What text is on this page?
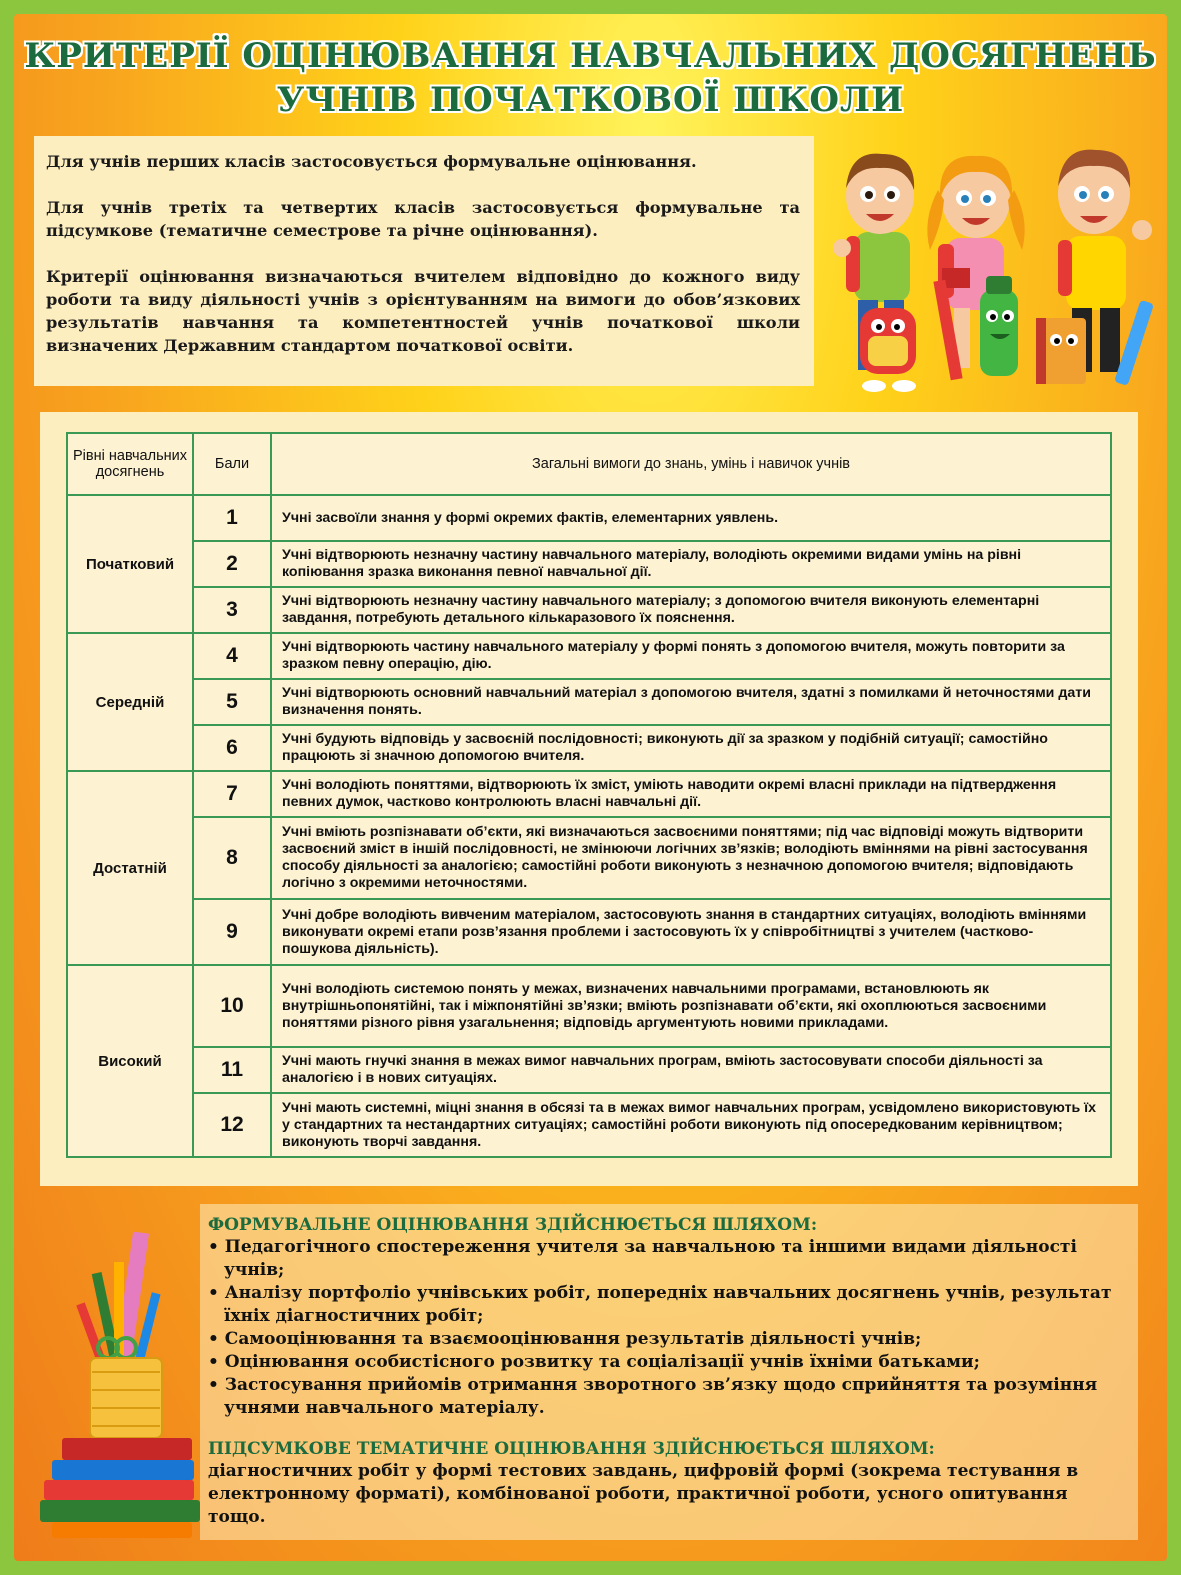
КРИТЕРІЇ ОЦІНЮВАННЯ НАВЧАЛЬНИХ ДОСЯГНЕНЬ
УЧНІВ ПОЧАТКОВОЇ ШКОЛИ

Для учнів перших класів застосовується формувальне оцінювання.

Для учнів третіх та четвертих класів застосовується формувальне та підсумкове (тематичне семестрове та річне оцінювання).

Критерії оцінювання визначаються вчителем відповідно до кожного виду роботи та виду діяльності учнів з орієнтуванням на вимоги до обов’язкових результатів навчання та компетентностей учнів початкової школи визначених Державним стандартом початкової освіти.

Рівні навчальних досягнень	Бали	Загальні вимоги до знань, умінь і навичок учнів
Початковий	1	Учні засвоїли знання у формі окремих фактів, елементарних уявлень.
	2	Учні відтворюють незначну частину навчального матеріалу, володіють окремими видами умінь на рівні копіювання зразка виконання певної навчальної дії.
	3	Учні відтворюють незначну частину навчального матеріалу; з допомогою вчителя виконують елементарні завдання, потребують детального кількаразового їх пояснення.
Середній	4	Учні відтворюють частину навчального матеріалу у формі понять з допомогою вчителя, можуть повторити за зразком певну операцію, дію.
	5	Учні відтворюють основний навчальний матеріал з допомогою вчителя, здатні з помилками й неточностями дати визначення понять.
	6	Учні будують відповідь у засвоєній послідовності; виконують дії за зразком у подібній ситуації; самостійно працюють зі значною допомогою вчителя.
Достатній	7	Учні володіють поняттями, відтворюють їх зміст, уміють наводити окремі власні приклади на підтвердження певних думок, частково контролюють власні навчальні дії.
	8	Учні вміють розпізнавати об’єкти, які визначаються засвоєними поняттями; під час відповіді можуть відтворити засвоєний зміст в іншій послідовності, не змінюючи логічних зв’язків; володіють вміннями на рівні застосування способу діяльності за аналогією; самостійні роботи виконують з незначною допомогою вчителя; відповідають логічно з окремими неточностями.
	9	Учні добре володіють вивченим матеріалом, застосовують знання в стандартних ситуаціях, володіють вміннями виконувати окремі етапи розв’язання проблеми і застосовують їх у співробітництві з учителем (частково-пошукова діяльність).
Високий	10	Учні володіють системою понять у межах, визначених навчальними програмами, встановлюють як внутрішньопонятійні, так і міжпонятійні зв’язки; вміють розпізнавати об’єкти, які охоплюються засвоєними поняттями різного рівня узагальнення; відповідь аргументують новими прикладами.
	11	Учні мають гнучкі знання в межах вимог навчальних програм, вміють застосовувати способи діяльності за аналогією і в нових ситуаціях.
	12	Учні мають системні, міцні знання в обсязі та в межах вимог навчальних програм, усвідомлено використовують їх у стандартних та нестандартних ситуаціях; самостійні роботи виконують під опосередкованим керівництвом; виконують творчі завдання.
ФОРМУВАЛЬНЕ ОЦІНЮВАННЯ ЗДІЙСНЮЄТЬСЯ ШЛЯХОМ:
• Педагогічного спостереження учителя за навчальною та іншими видами діяльності учнів;
• Аналізу портфоліо учнівських робіт, попередніх навчальних досягнень учнів, результат їхніх діагностичних робіт;
• Самооцінювання та взаємооцінювання результатів діяльності учнів;
• Оцінювання особистісного розвитку та соціалізації учнів їхніми батьками;
• Застосування прийомів отримання зворотного зв’язку щодо сприйняття та розуміння учнями навчального матеріалу.
ПІДСУМКОВЕ ТЕМАТИЧНЕ ОЦІНЮВАННЯ ЗДІЙСНЮЄТЬСЯ ШЛЯХОМ:
діагностичних робіт у формі тестових завдань, цифровій формі (зокрема тестування в електронному форматі), комбінованої роботи, практичної роботи, усного опитування тощо.
